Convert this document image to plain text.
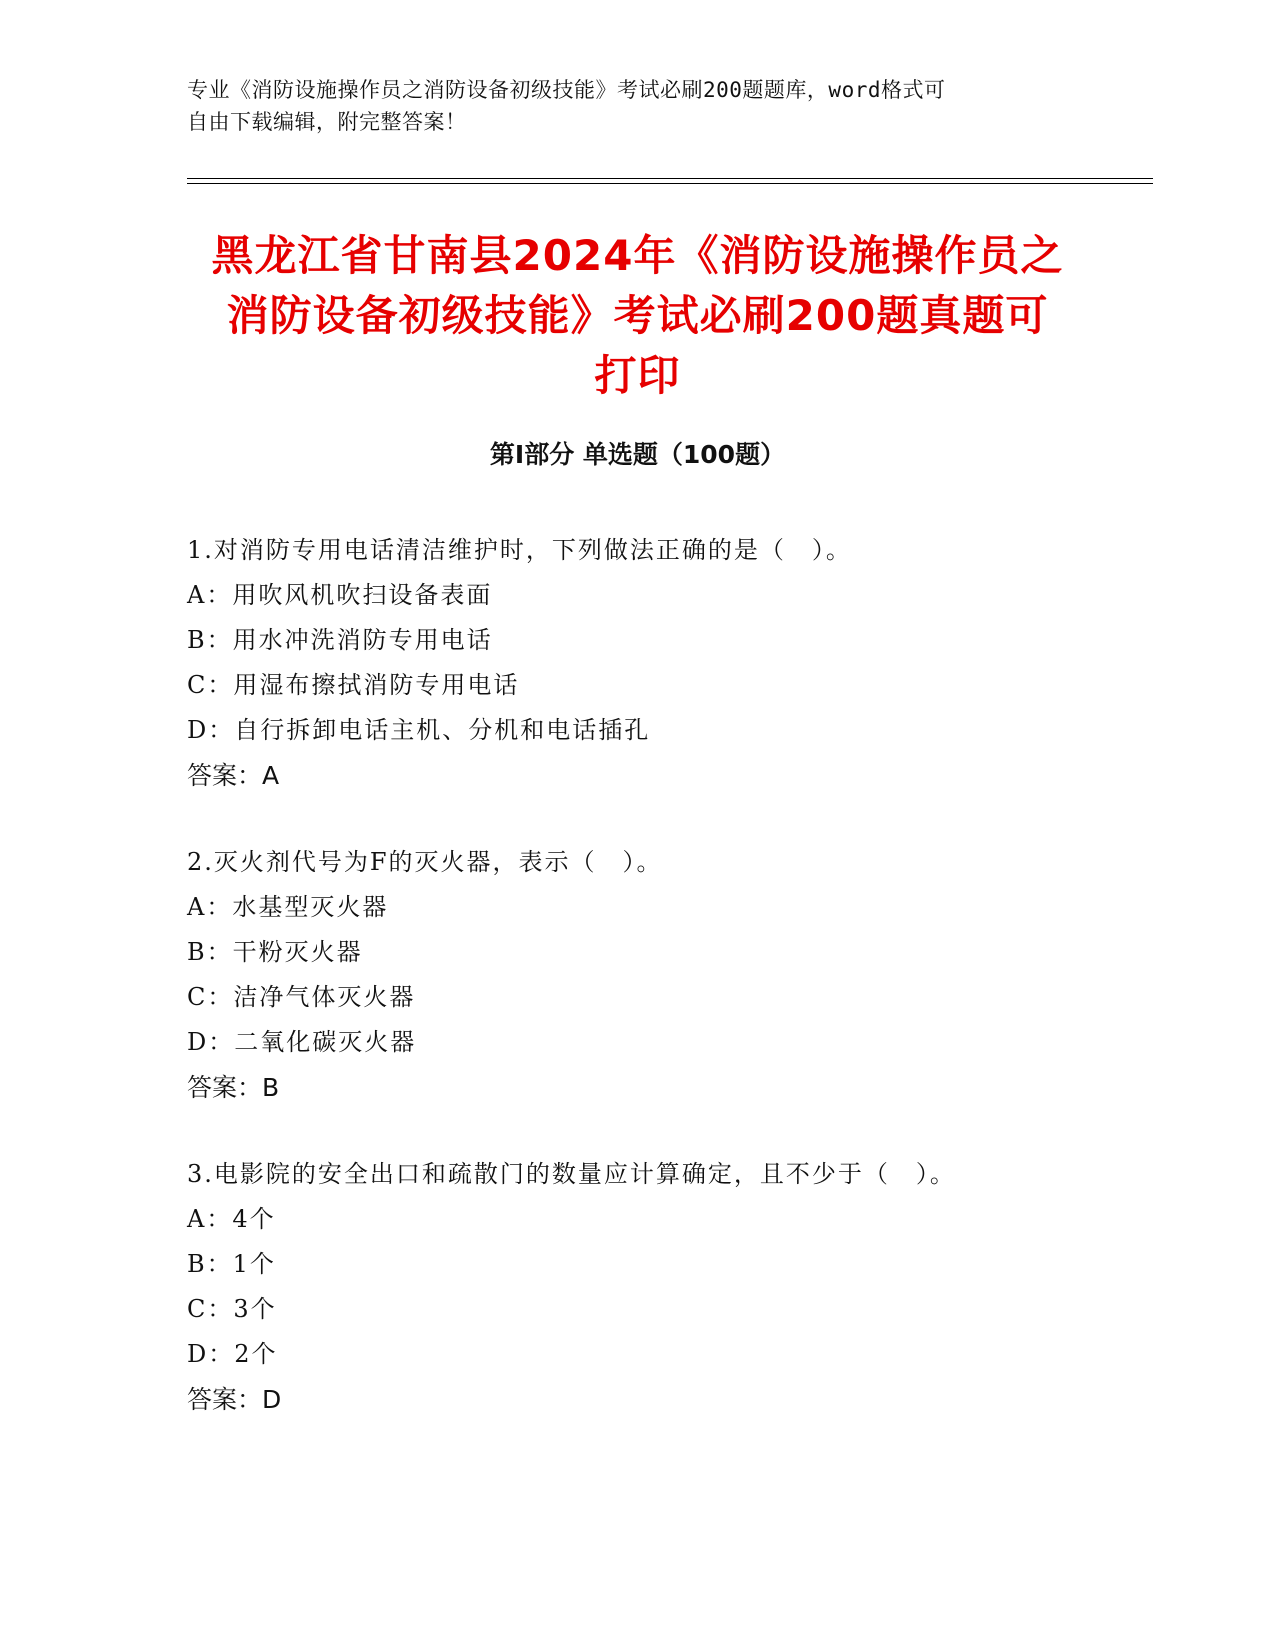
专业《消防设施操作员之消防设备初级技能》考试必刷200题题库，word格式可
自由下载编辑，附完整答案！
黑龙江省甘南县2024年《消防设施操作员之
消防设备初级技能》考试必刷200题真题可
打印
第Ⅰ部分 单选题（100题）
1.对消防专用电话清洁维护时，下列做法正确的是（　）。
A：用吹风机吹扫设备表面
B：用水冲洗消防专用电话
C：用湿布擦拭消防专用电话
D：自行拆卸电话主机、分机和电话插孔
答案：A
2.灭火剂代号为F的灭火器，表示（　）。
A：水基型灭火器
B：干粉灭火器
C：洁净气体灭火器
D：二氧化碳灭火器
答案：B
3.电影院的安全出口和疏散门的数量应计算确定，且不少于（　）。
A：4个
B：1个
C：3个
D：2个
答案：D
